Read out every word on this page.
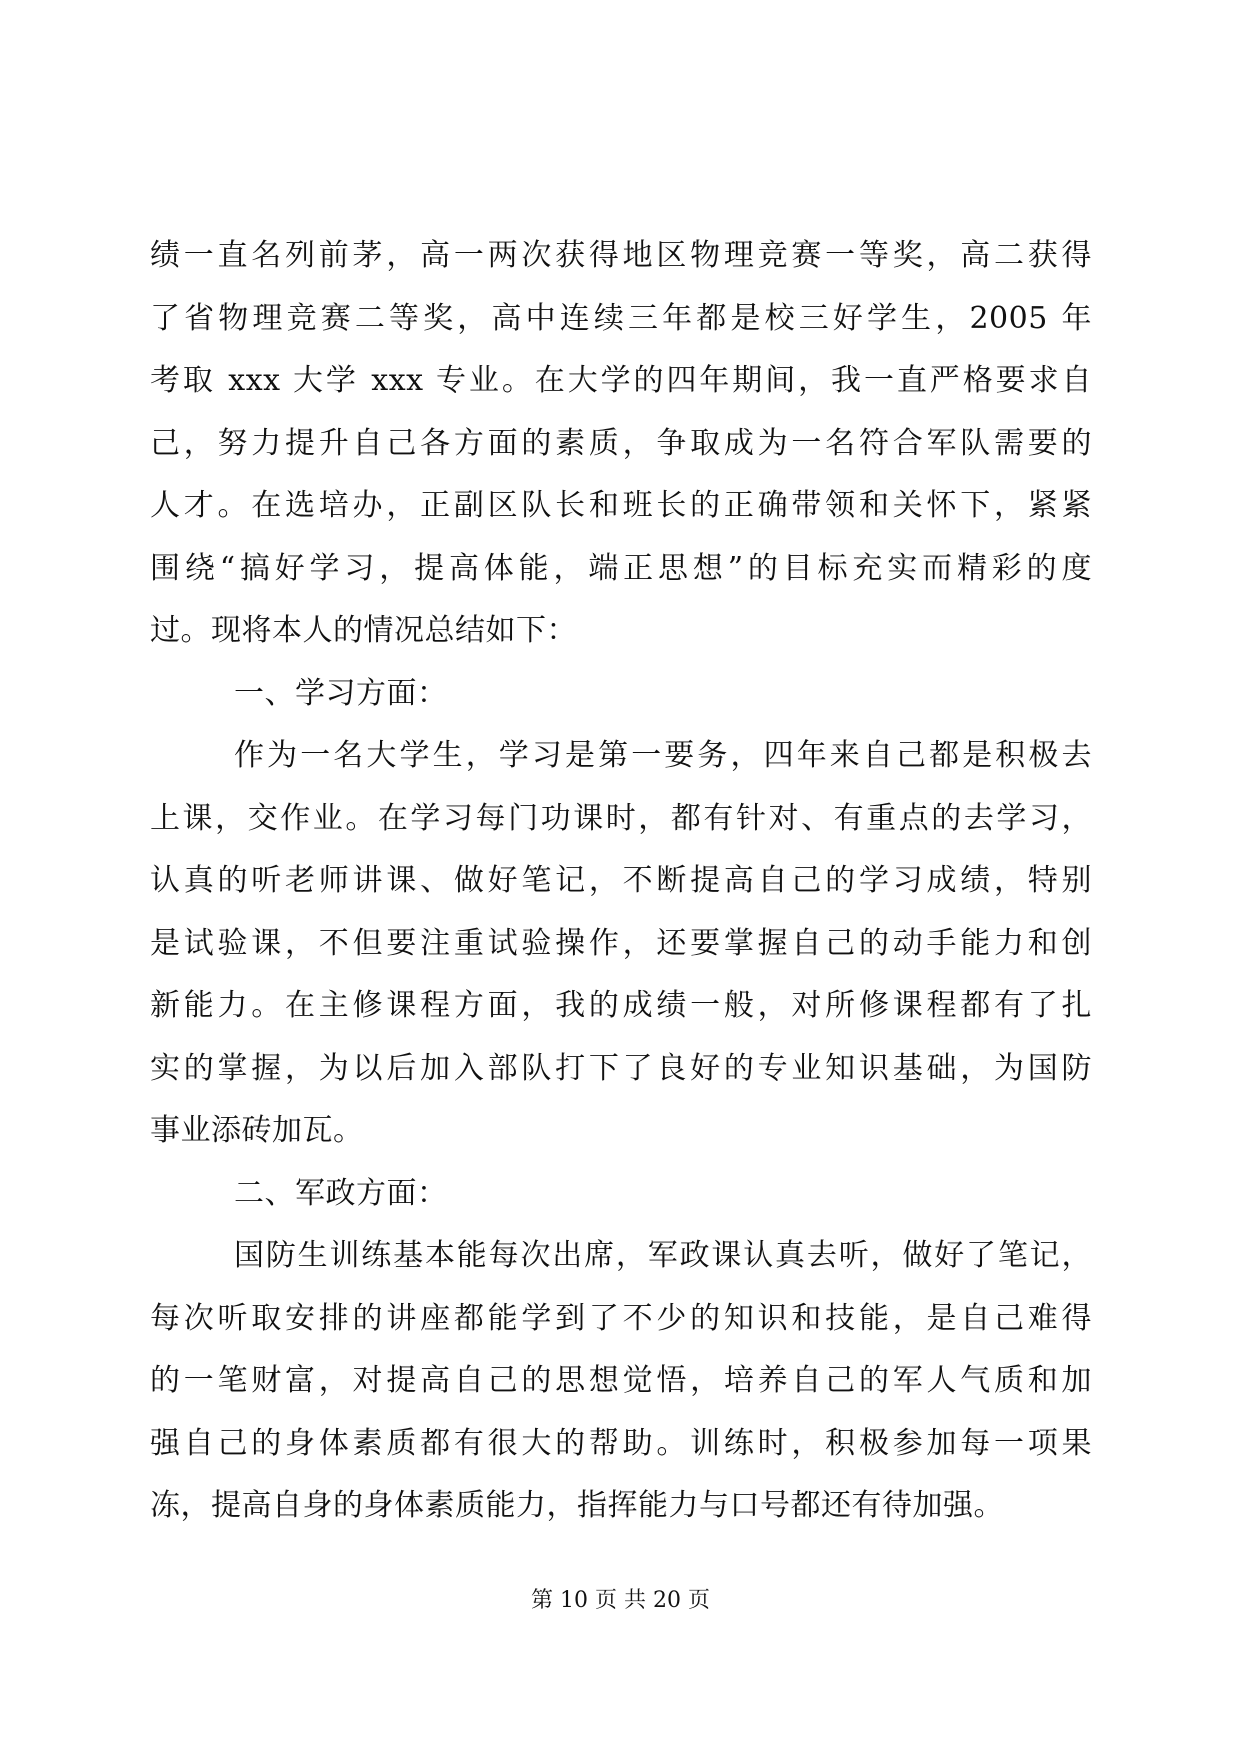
绩一直名列前茅，高一两次获得地区物理竞赛一等奖，高二获得
了省物理竞赛二等奖，高中连续三年都是校三好学生，2005 年
考取 xxx 大学 xxx 专业。在大学的四年期间，我一直严格要求自
己，努力提升自己各方面的素质，争取成为一名符合军队需要的
人才。在选培办，正副区队长和班长的正确带领和关怀下，紧紧
围绕“搞好学习，提高体能，端正思想”的目标充实而精彩的度
过。现将本人的情况总结如下：
一、学习方面：
作为一名大学生，学习是第一要务，四年来自己都是积极去
上课，交作业。在学习每门功课时，都有针对、有重点的去学习，
认真的听老师讲课、做好笔记，不断提高自己的学习成绩，特别
是试验课，不但要注重试验操作，还要掌握自己的动手能力和创
新能力。在主修课程方面，我的成绩一般，对所修课程都有了扎
实的掌握，为以后加入部队打下了良好的专业知识基础，为国防
事业添砖加瓦。
二、军政方面：
国防生训练基本能每次出席，军政课认真去听，做好了笔记，
每次听取安排的讲座都能学到了不少的知识和技能，是自己难得
的一笔财富，对提高自己的思想觉悟，培养自己的军人气质和加
强自己的身体素质都有很大的帮助。训练时，积极参加每一项果
冻，提高自身的身体素质能力，指挥能力与口号都还有待加强。
第 10 页 共 20 页
